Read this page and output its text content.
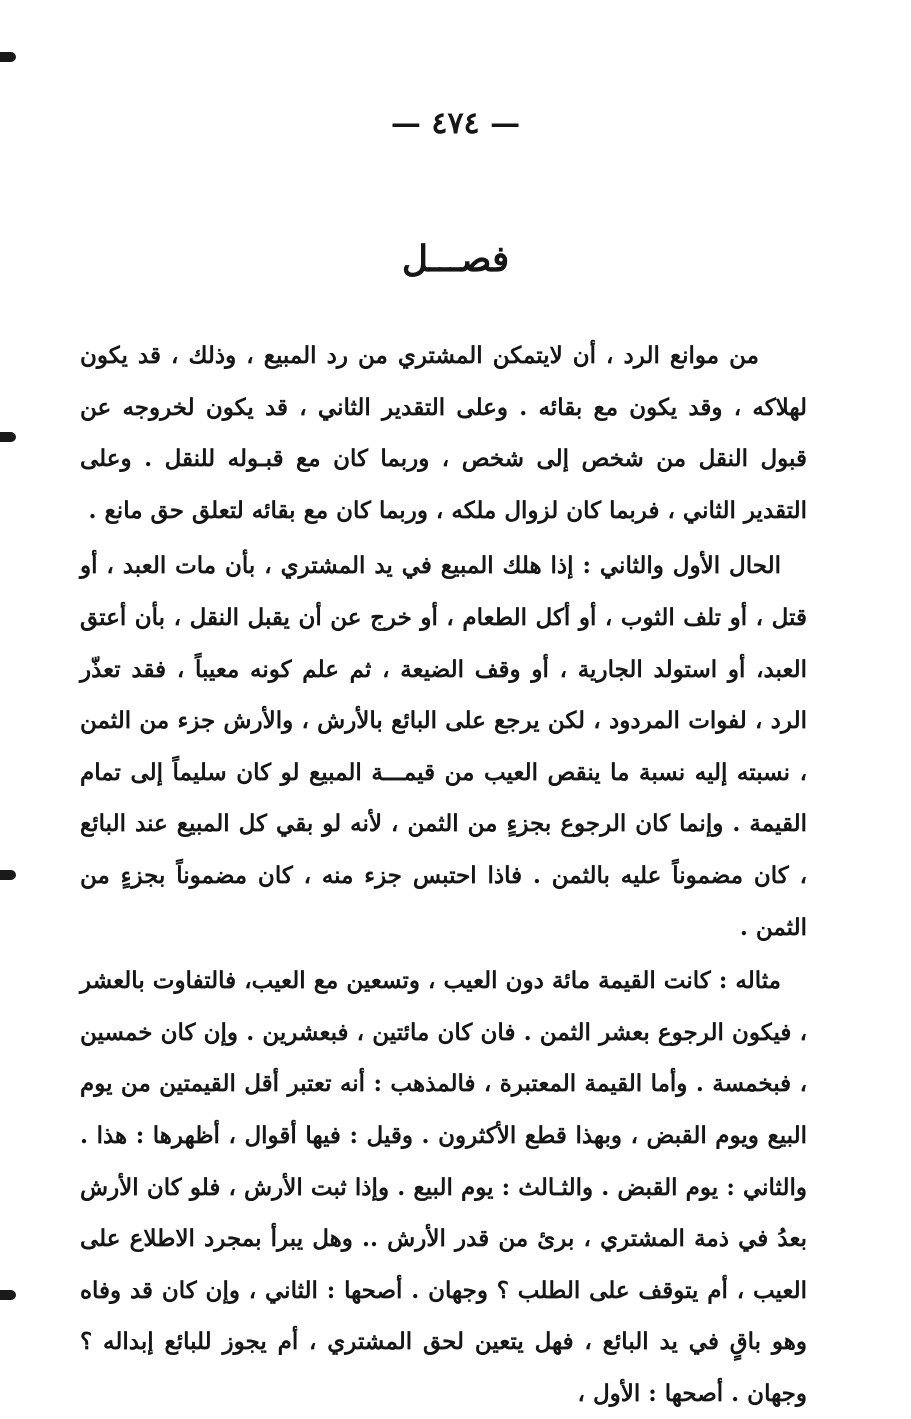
— ٤٧٤ —
فصـــل

من موانع الرد ، أن لايتمكن المشتري من رد المبيع ، وذلك ، قد يكون لهلاكه ، وقد يكون مع بقائه . وعلى التقدير الثاني ، قد يكون لخروجه عن قبول النقل من شخص إلى شخص ، وربما كان مع قبـوله للنقل . وعلى التقدير الثاني ، فربما كان لزوال ملكه ، وربما كان مع بقائه لتعلق حق مانع .

الحال الأول والثاني : إذا هلك المبيع في يد المشتري ، بأن مات العبد ، أو قتل ، أو تلف الثوب ، أو أكل الطعام ، أو خرج عن أن يقبل النقل ، بأن أعتق العبد، أو استولد الجارية ، أو وقف الضيعة ، ثم علم كونه معيباً ، فقد تعذّر الرد ، لفوات المردود ، لكن يرجع على البائع بالأرش ، والأرش جزء من الثمن ، نسبته إليه نسبة ما ينقص العيب من قيمـــة المبيع لو كان سليماً إلى تمام القيمة . وإنما كان الرجوع بجزءٍ من الثمن ، لأنه لو بقي كل المبيع عند البائع ، كان مضموناً عليه بالثمن . فاذا احتبس جزء منه ، كان مضموناً بجزءٍ من الثمن .

مثاله : كانت القيمة مائة دون العيب ، وتسعين مع العيب، فالتفاوت بالعشر ، فيكون الرجوع بعشر الثمن . فان كان مائتين ، فبعشرين . وإن كان خمسين ، فبخمسة . وأما القيمة المعتبرة ، فالمذهب : أنه تعتبر أقل القيمتين من يوم البيع ويوم القبض ، وبهذا قطع الأكثرون . وقيل : فيها أقوال ، أظهرها : هذا . والثاني : يوم القبض . والثـالث : يوم البيع . وإذا ثبت الأرش ، فلو كان الأرش بعدُ في ذمة المشتري ، برئ من قدر الأرش .. وهل يبرأ بمجرد الاطلاع على العيب ، أم يتوقف على الطلب ؟ وجهان . أصحها : الثاني ، وإن كان قد وفاه وهو باقٍ في يد البائع ، فهل يتعين لحق المشتري ، أم يجوز للبائع إبداله ؟ وجهان . أصحها : الأول ،
